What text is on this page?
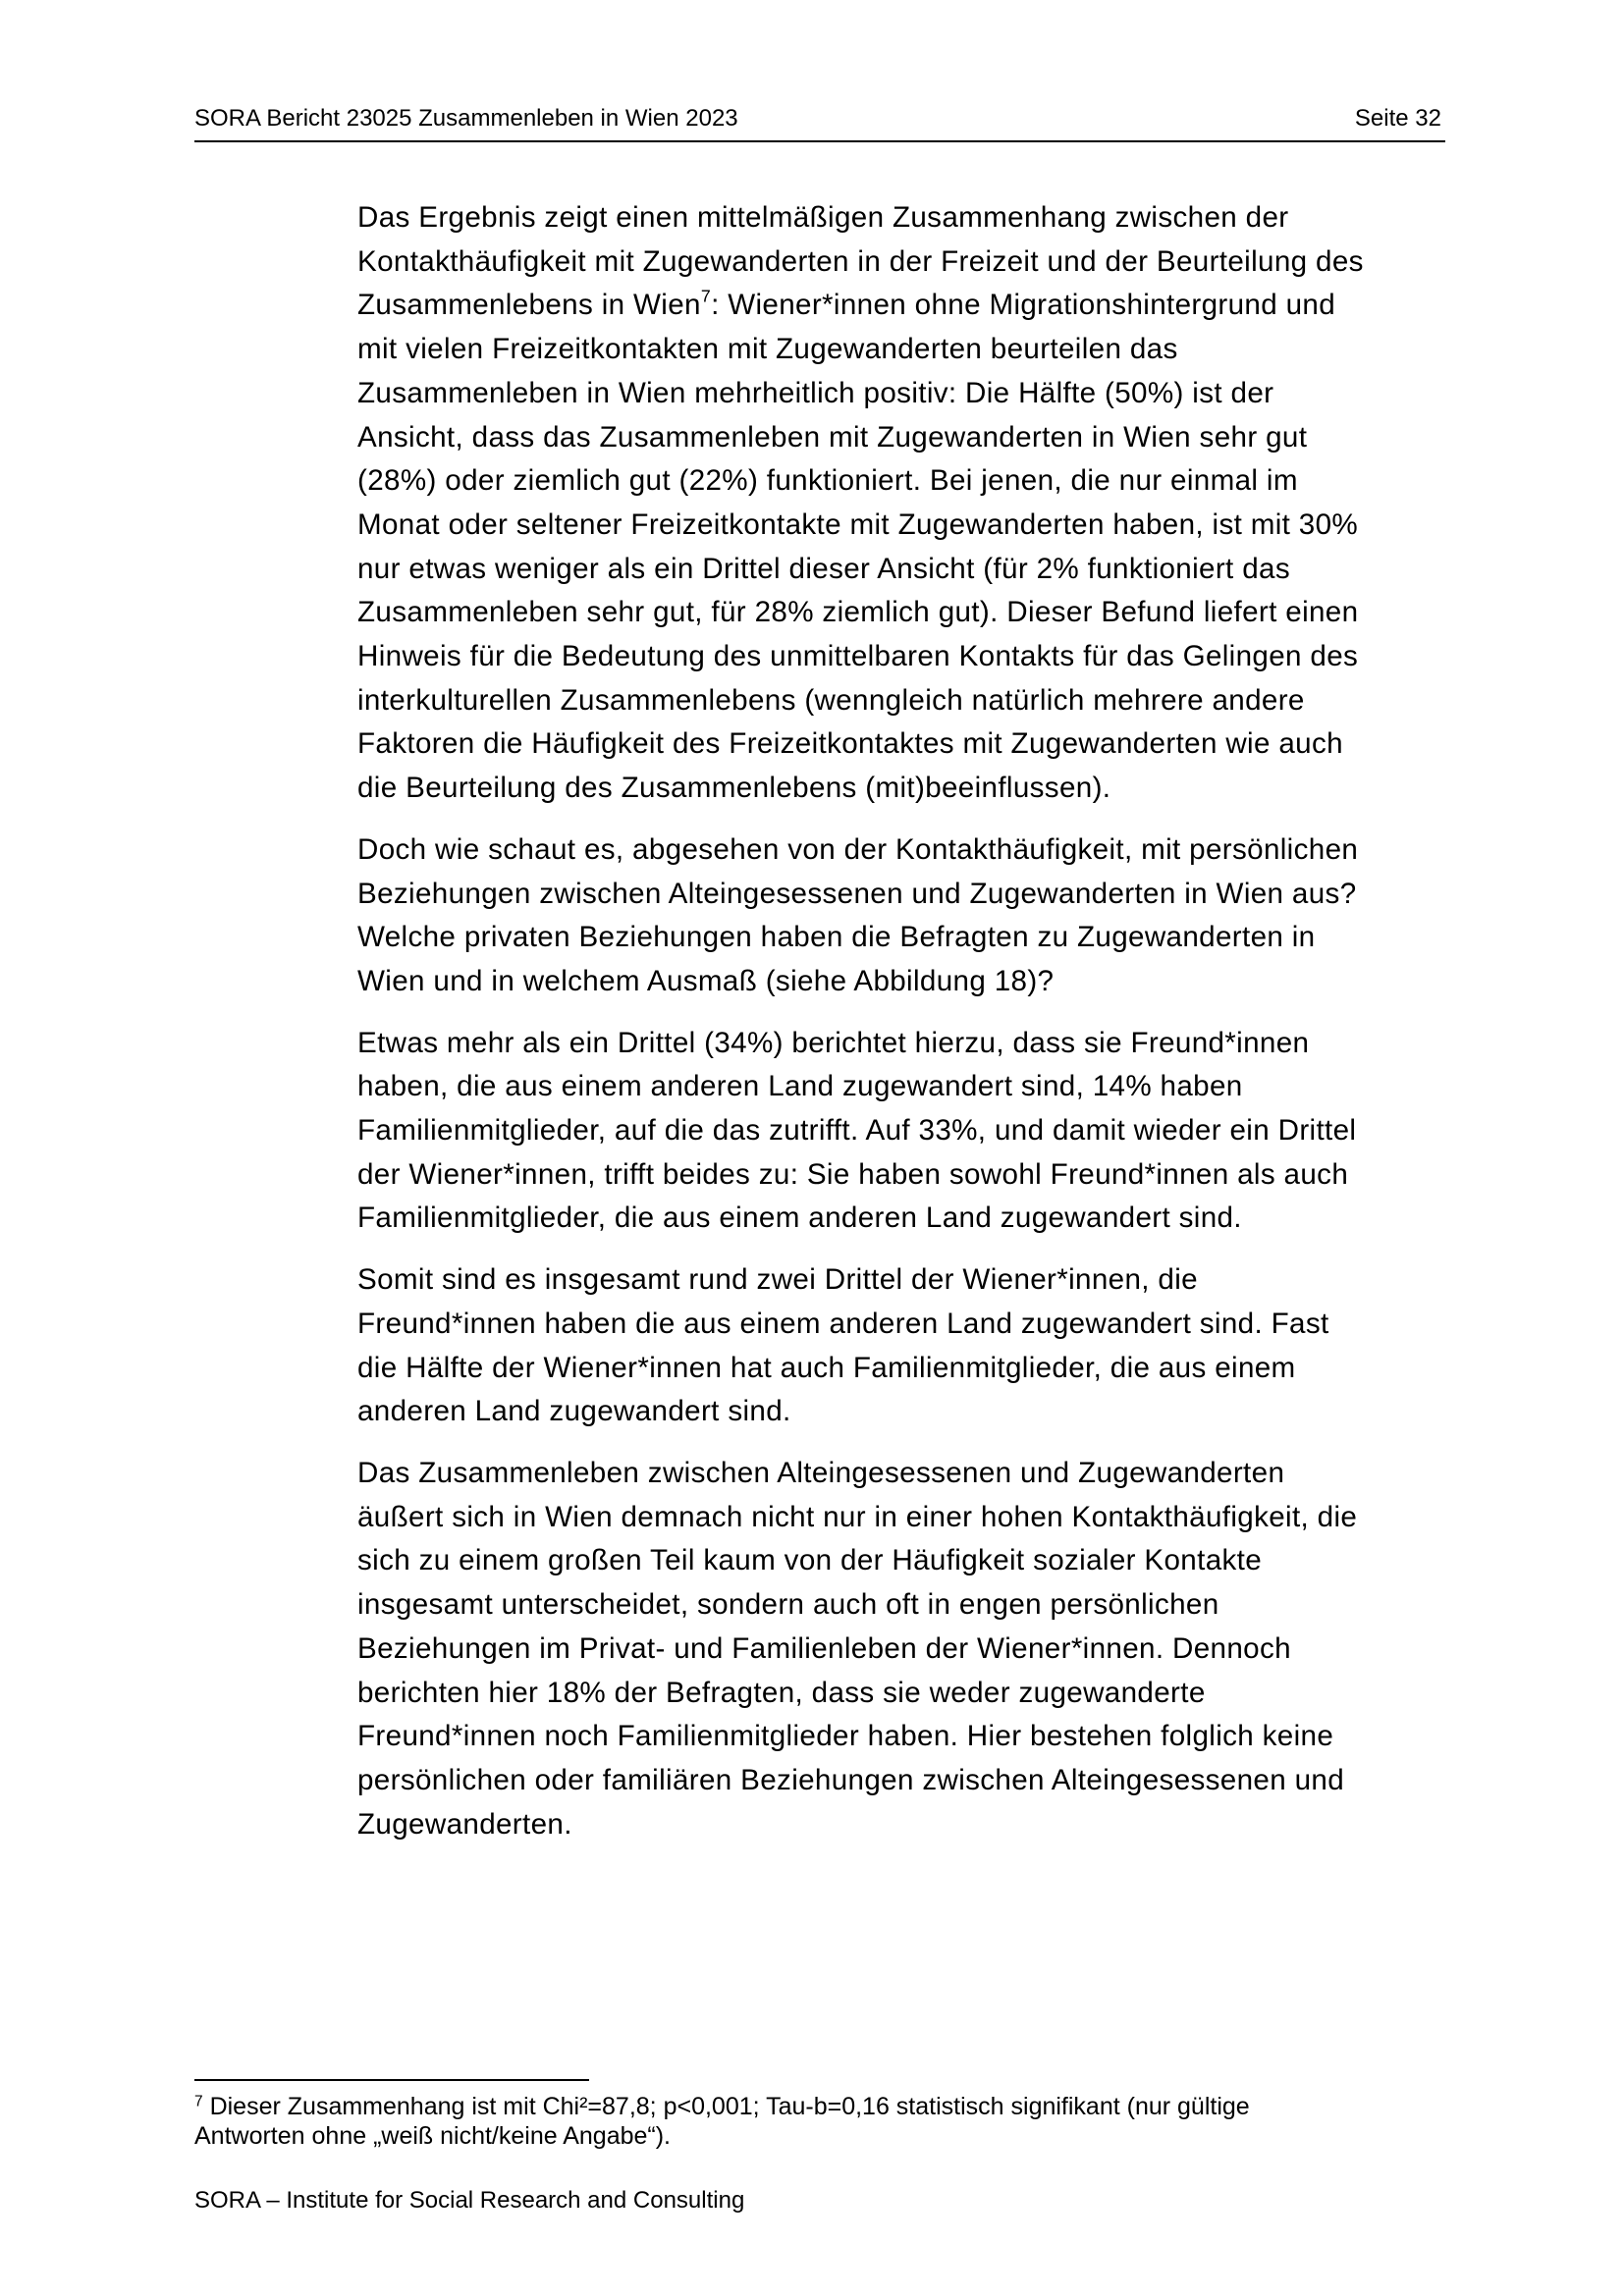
SORA Bericht 23025 Zusammenleben in Wien 2023	Seite 32

Das Ergebnis zeigt einen mittelmäßigen Zusammenhang zwischen der
Kontakthäufigkeit mit Zugewanderten in der Freizeit und der Beurteilung des
Zusammenlebens in Wien$^7$: Wiener*innen ohne Migrationshintergrund und
mit vielen Freizeitkontakten mit Zugewanderten beurteilen das
Zusammenleben in Wien mehrheitlich positiv: Die Hälfte (50%) ist der
Ansicht, dass das Zusammenleben mit Zugewanderten in Wien sehr gut
(28%) oder ziemlich gut (22%) funktioniert. Bei jenen, die nur einmal im
Monat oder seltener Freizeitkontakte mit Zugewanderten haben, ist mit 30%
nur etwas weniger als ein Drittel dieser Ansicht (für 2% funktioniert das
Zusammenleben sehr gut, für 28% ziemlich gut). Dieser Befund liefert einen
Hinweis für die Bedeutung des unmittelbaren Kontakts für das Gelingen des
interkulturellen Zusammenlebens (wenngleich natürlich mehrere andere
Faktoren die Häufigkeit des Freizeitkontaktes mit Zugewanderten wie auch
die Beurteilung des Zusammenlebens (mit)beeinflussen).

Doch wie schaut es, abgesehen von der Kontakthäufigkeit, mit persönlichen
Beziehungen zwischen Alteingesessenen und Zugewanderten in Wien aus?
Welche privaten Beziehungen haben die Befragten zu Zugewanderten in
Wien und in welchem Ausmaß (siehe Abbildung 18)?

Etwas mehr als ein Drittel (34%) berichtet hierzu, dass sie Freund*innen
haben, die aus einem anderen Land zugewandert sind, 14% haben
Familienmitglieder, auf die das zutrifft. Auf 33%, und damit wieder ein Drittel
der Wiener*innen, trifft beides zu: Sie haben sowohl Freund*innen als auch
Familienmitglieder, die aus einem anderen Land zugewandert sind.

Somit sind es insgesamt rund zwei Drittel der Wiener*innen, die
Freund*innen haben die aus einem anderen Land zugewandert sind. Fast
die Hälfte der Wiener*innen hat auch Familienmitglieder, die aus einem
anderen Land zugewandert sind.

Das Zusammenleben zwischen Alteingesessenen und Zugewanderten
äußert sich in Wien demnach nicht nur in einer hohen Kontakthäufigkeit, die
sich zu einem großen Teil kaum von der Häufigkeit sozialer Kontakte
insgesamt unterscheidet, sondern auch oft in engen persönlichen
Beziehungen im Privat- und Familienleben der Wiener*innen. Dennoch
berichten hier 18% der Befragten, dass sie weder zugewanderte
Freund*innen noch Familienmitglieder haben. Hier bestehen folglich keine
persönlichen oder familiären Beziehungen zwischen Alteingesessenen und
Zugewanderten.

$^7$ Dieser Zusammenhang ist mit Chi²=87,8; p<0,001; Tau-b=0,16 statistisch signifikant (nur gültige
Antworten ohne „weiß nicht/keine Angabe“).
SORA – Institute for Social Research and Consulting
